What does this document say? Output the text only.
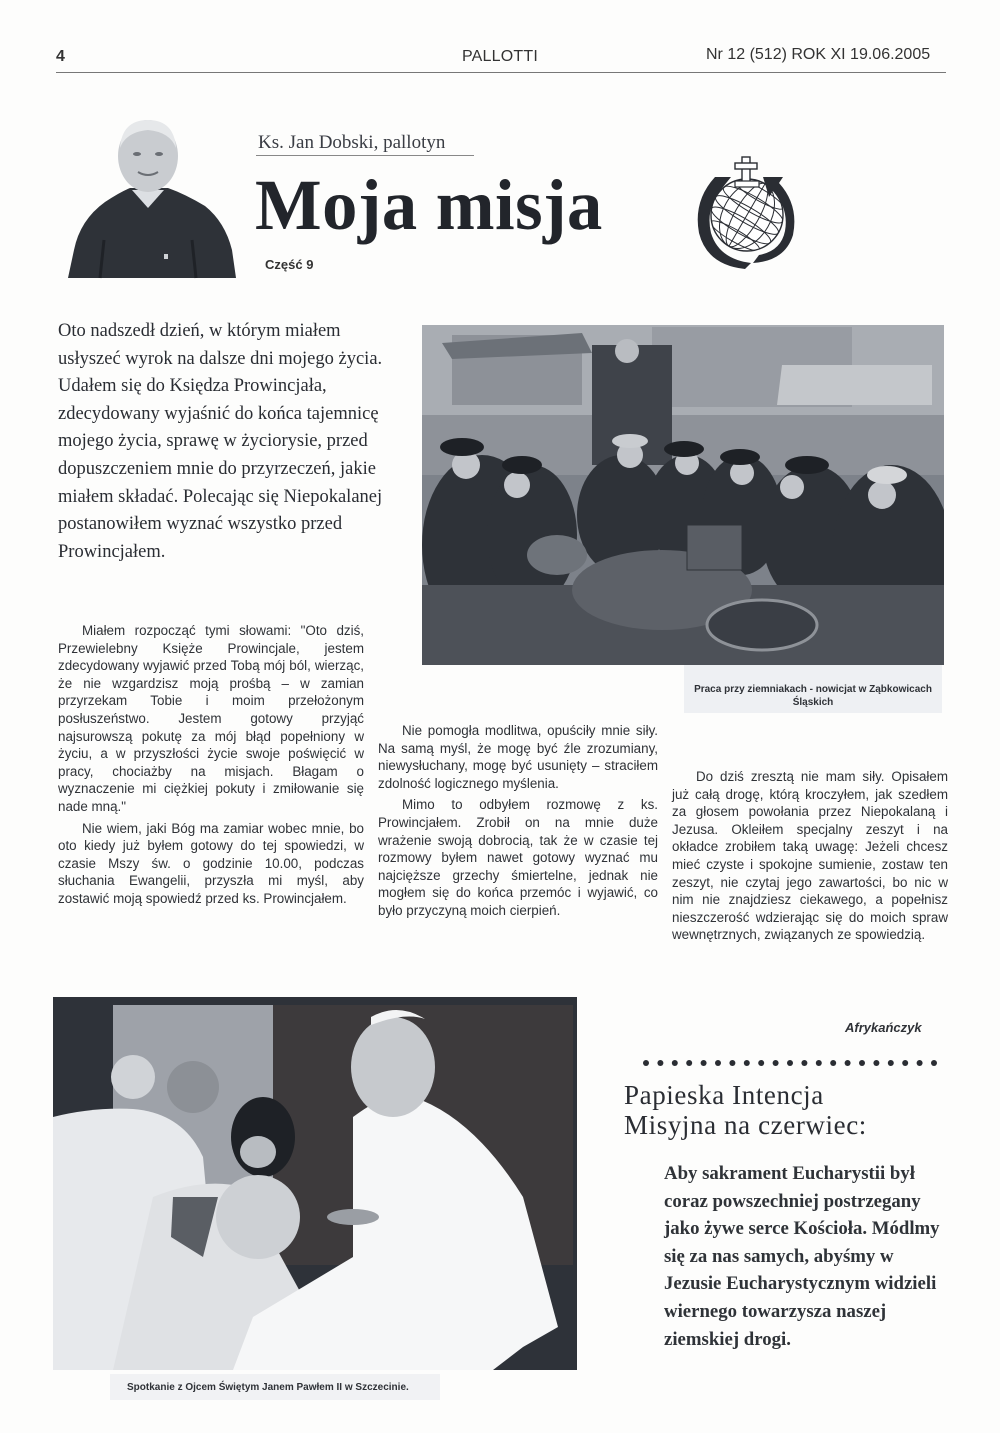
4	PALLOTTI	Nr 12 (512) ROK XI 19.06.2005
Ks. Jan Dobski, pallotyn
Moja misja
Część 9
Oto nadszedł dzień, w którym miałem usłyszeć wyrok na dalsze dni mojego życia. Udałem się do Księdza Prowincjała, zdecydowany wyjaśnić do końca tajemnicę mojego życia, sprawę w życiorysie, przed dopuszczeniem mnie do przyrzeczeń, jakie miałem składać. Polecając się Niepokalanej postanowiłem wyznać wszystko przed Prowincjałem.
Praca przy ziemniakach - nowicjat w Ząbkowicach Śląskich

Miałem rozpocząć tymi słowami: "Oto dziś, Przewielebny Księże Prowincjale, jestem zdecydowany wyjawić przed Tobą mój ból, wierząc, że nie wzgardzisz moją prośbą – w zamian przyrzekam Tobie i moim przełożonym posłuszeństwo. Jestem gotowy przyjąć najsurowszą pokutę za mój błąd popełniony w życiu, a w przyszłości życie swoje poświęcić w pracy, chociażby na misjach. Błagam o wyznaczenie mi ciężkiej pokuty i zmiłowanie się nade mną."

Nie wiem, jaki Bóg ma zamiar wobec mnie, bo oto kiedy już byłem gotowy do tej spowiedzi, w czasie Mszy św. o godzinie 10.00, podczas słuchania Ewangelii, przyszła mi myśl, aby zostawić moją spowiedź przed ks. Prowincjałem.

Nie pomogła modlitwa, opuściły mnie siły. Na samą myśl, że mogę być źle zrozumiany, niewysłuchany, mogę być usunięty – straciłem zdolność logicznego myślenia.

Mimo to odbyłem rozmowę z ks. Prowincjałem. Zrobił on na mnie duże wrażenie swoją dobrocią, tak że w czasie tej rozmowy byłem nawet gotowy wyznać mu najcięższe grzechy śmiertelne, jednak nie mogłem się do końca przemóc i wyjawić, co było przyczyną moich cierpień.

Do dziś zresztą nie mam siły. Opisałem już całą drogę, którą kroczyłem, jak szedłem za głosem powołania przez Niepokalaną i Jezusa. Okleiłem specjalny zeszyt i na okładce zrobiłem taką uwagę: Jeżeli chcesz mieć czyste i spokojne sumienie, zostaw ten zeszyt, nie czytaj jego zawartości, bo nic w nim nie znajdziesz ciekawego, a popełnisz nieszczerość wdzierając się do moich spraw wewnętrznych, związanych ze spowiedzią.

Afrykańczyk
Spotkanie z Ojcem Świętym Janem Pawłem II w Szczecinie.
Papieska Intencja
Misyjna na czerwiec:
Aby sakrament Eucharystii był coraz powszechniej postrzegany jako żywe serce Kościoła. Módlmy się za nas samych, abyśmy w Jezusie Eucharystycznym widzieli wiernego towarzysza naszej ziemskiej drogi.
